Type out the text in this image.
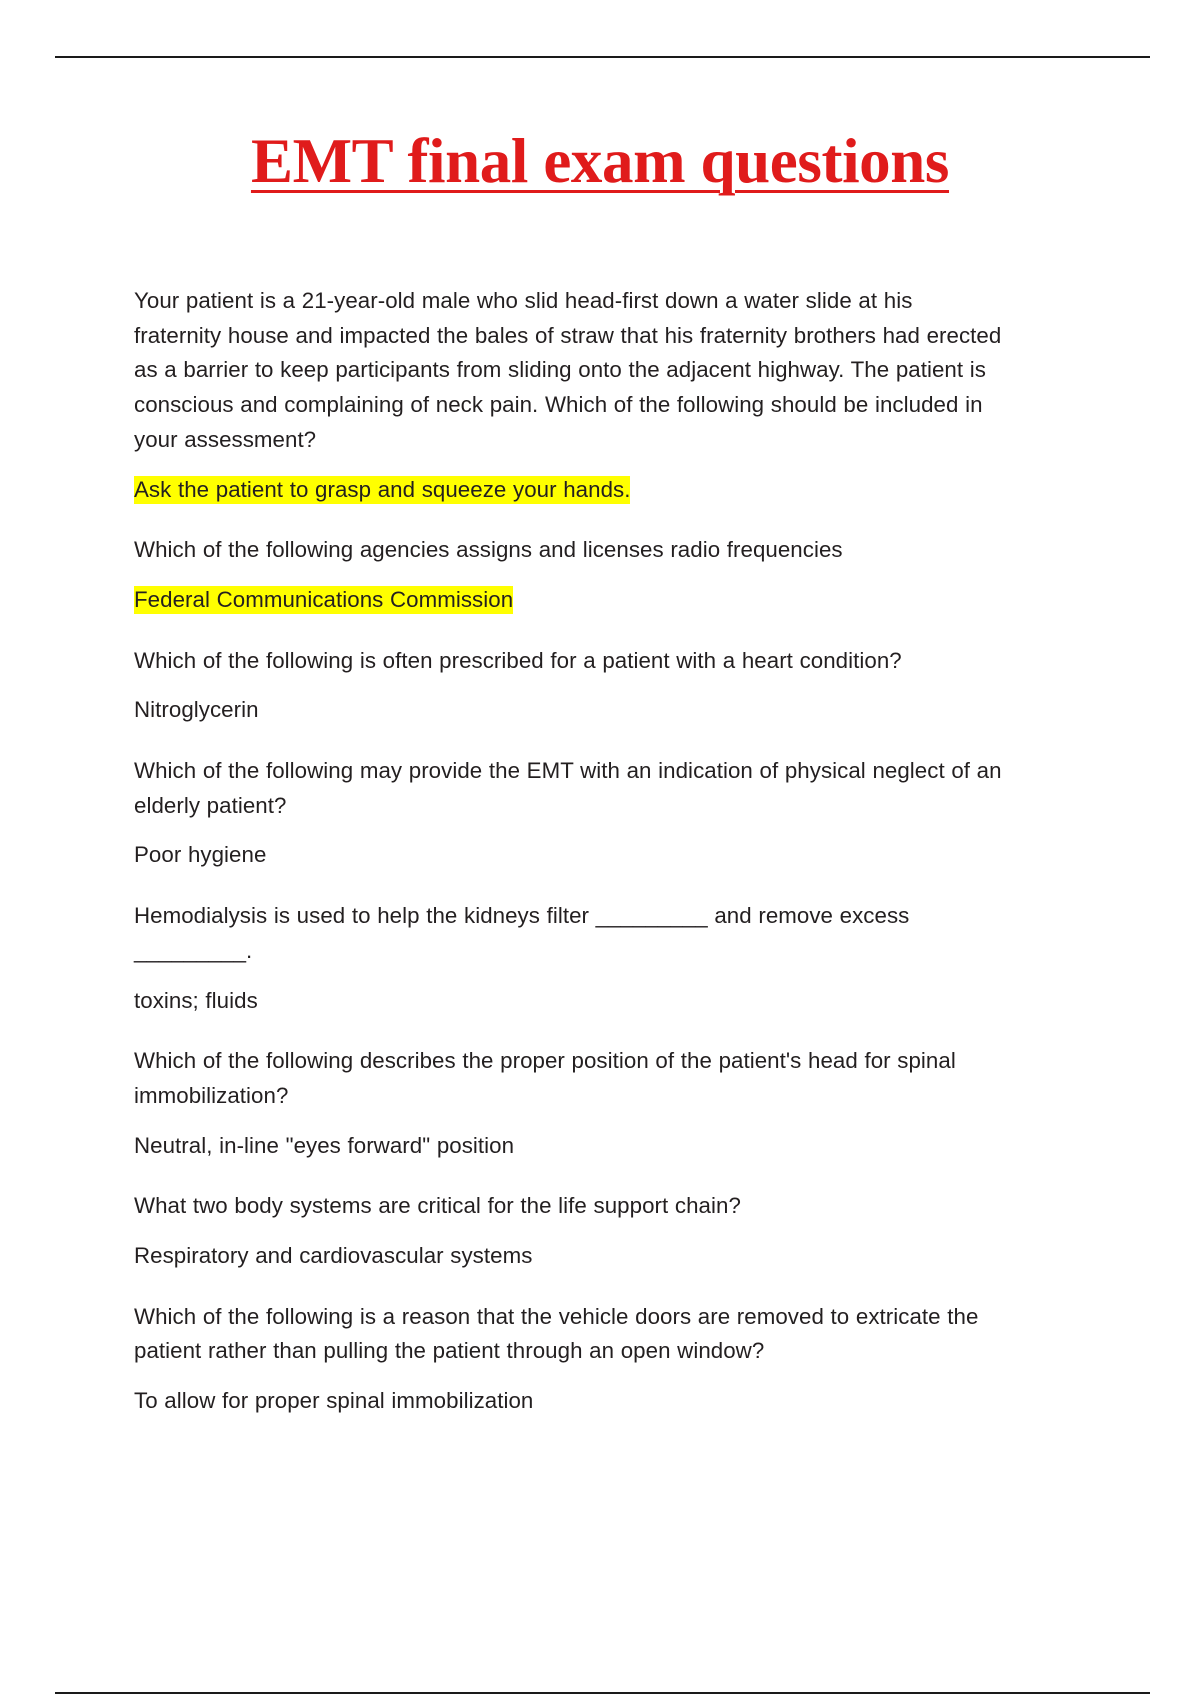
EMT final exam questions

Your patient is a 21-year-old male who slid head-first down a water slide at his fraternity house and impacted the bales of straw that his fraternity brothers had erected as a barrier to keep participants from sliding onto the adjacent highway. The patient is conscious and complaining of neck pain. Which of the following should be included in your assessment?

Ask the patient to grasp and squeeze your hands.

Which of the following agencies assigns and licenses radio frequencies

Federal Communications Commission

Which of the following is often prescribed for a patient with a heart condition?

Nitroglycerin

Which of the following may provide the EMT with an indication of physical neglect of an elderly patient?

Poor hygiene

Hemodialysis is used to help the kidneys filter _________ and remove excess _________.

toxins; fluids

Which of the following describes the proper position of the patient's head for spinal immobilization?

Neutral, in-line "eyes forward" position

What two body systems are critical for the life support chain?

Respiratory and cardiovascular systems

Which of the following is a reason that the vehicle doors are removed to extricate the patient rather than pulling the patient through an open window?

To allow for proper spinal immobilization
